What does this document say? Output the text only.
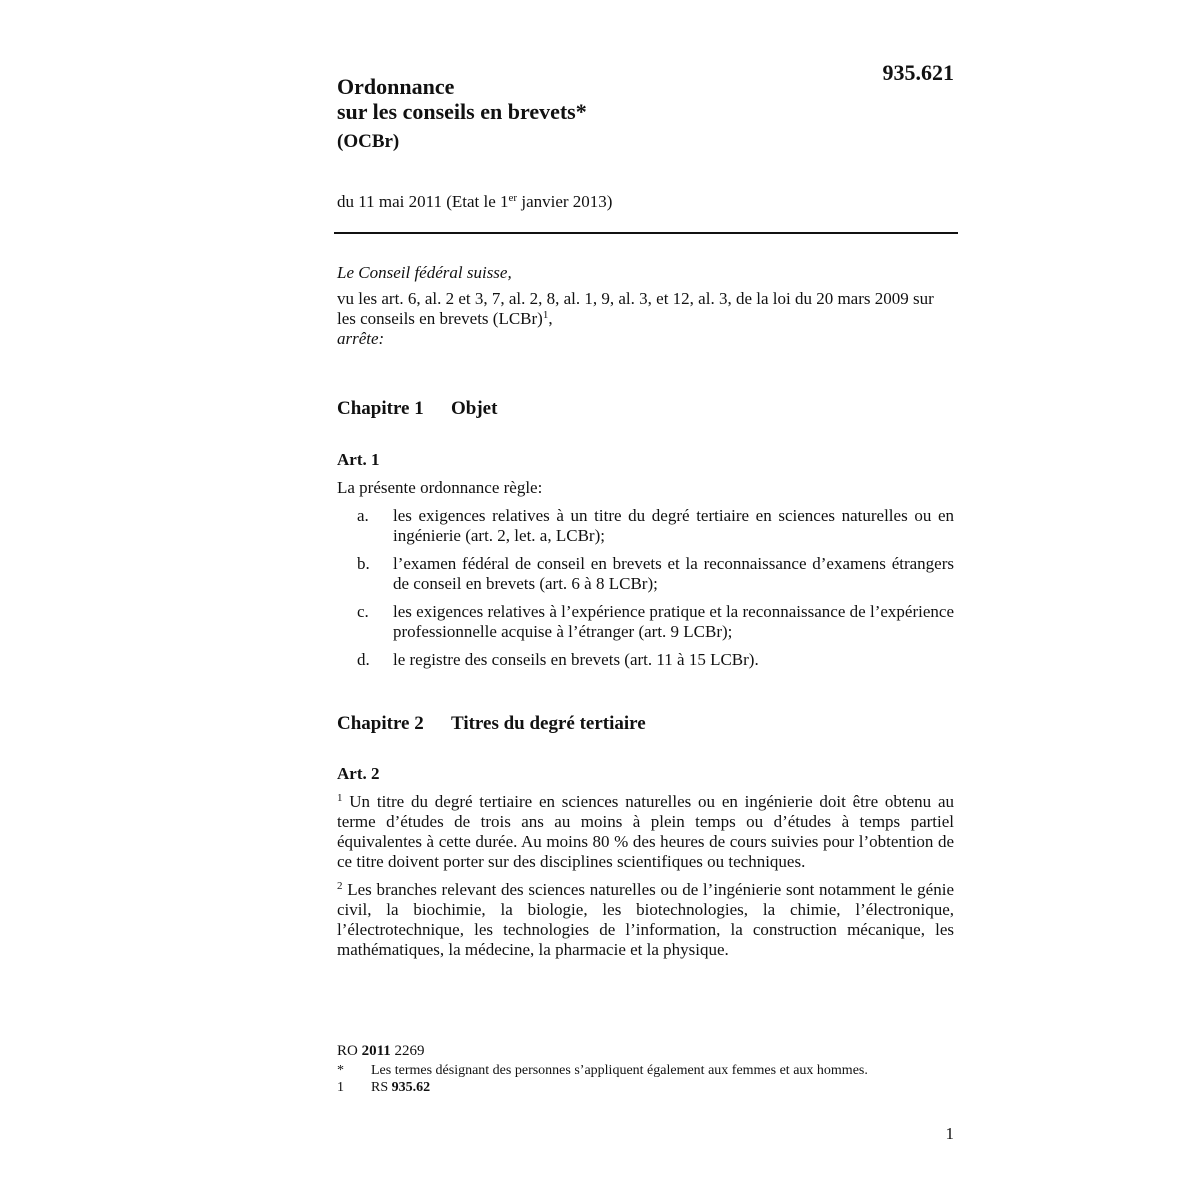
935.621
Ordonnance
sur les conseils en brevets*
(OCBr)
du 11 mai 2011 (Etat le 1er janvier 2013)

Le Conseil fédéral suisse,

vu les art. 6, al. 2 et 3, 7, al. 2, 8, al. 1, 9, al. 3, et 12, al. 3, de la loi du 20 mars 2009 sur les conseils en brevets (LCBr)$^1$,

arrête:

Chapitre 1 Objet
Art. 1
La présente ordonnance règle:
a.	les exigences relatives à un titre du degré tertiaire en sciences naturelles ou en ingénierie (art. 2, let. a, LCBr);
b.	l’examen fédéral de conseil en brevets et la reconnaissance d’examens étrangers de conseil en brevets (art. 6 à 8 LCBr);
c.	les exigences relatives à l’expérience pratique et la reconnaissance de l’expérience professionnelle acquise à l’étranger (art. 9 LCBr);
d.	le registre des conseils en brevets (art. 11 à 15 LCBr).
Chapitre 2 Titres du degré tertiaire
Art. 2

$^1$ Un titre du degré tertiaire en sciences naturelles ou en ingénierie doit être obtenu au terme d’études de trois ans au moins à plein temps ou d’études à temps partiel équivalentes à cette durée. Au moins 80 % des heures de cours suivies pour l’obtention de ce titre doivent porter sur des disciplines scientifiques ou techniques.

$^2$ Les branches relevant des sciences naturelles ou de l’ingénierie sont notamment le génie civil, la biochimie, la biologie, les biotechnologies, la chimie, l’électronique, l’électrotechnique, les technologies de l’information, la construction mécanique, les mathématiques, la médecine, la pharmacie et la physique.

RO 2011 2269
*	Les termes désignant des personnes s’appliquent également aux femmes et aux hommes.
1	RS 935.62
1
